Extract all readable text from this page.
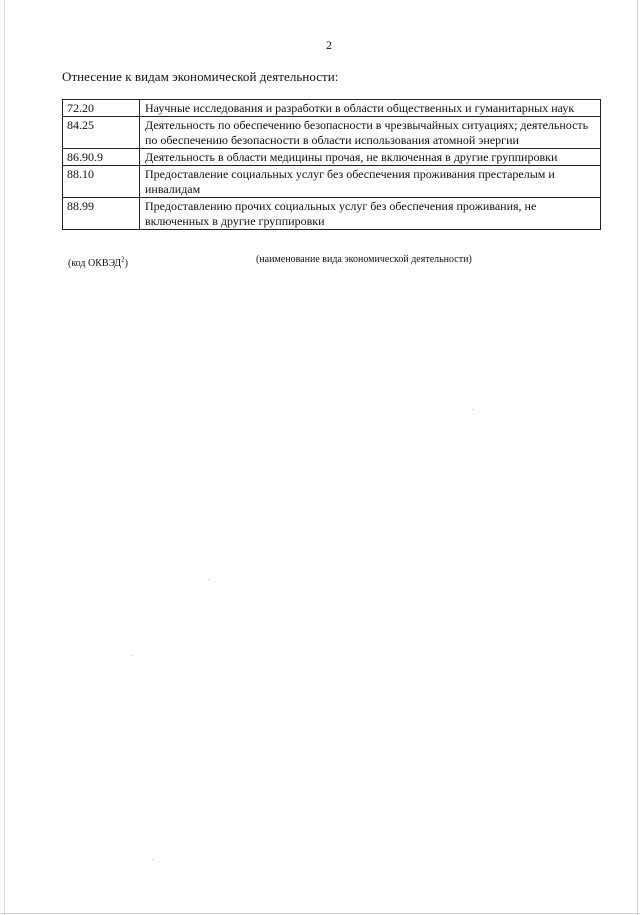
2
Отнесение к видам экономической деятельности:
72.20	Научные исследования и разработки в области общественных и гуманитарных наук
84.25	Деятельность по обеспечению безопасности в чрезвычайных ситуациях; деятельность по обеспечению безопасности в области использования атомной энергии
86.90.9	Деятельность в области медицины прочая, не включенная в другие группировки
88.10	Предоставление социальных услуг без обеспечения проживания престарелым и инвалидам
88.99	Предоставлению прочих социальных услуг без обеспечения проживания, не включенных в другие группировки
(код ОКВЭД$^2$)	(наименование вида экономической деятельности)
